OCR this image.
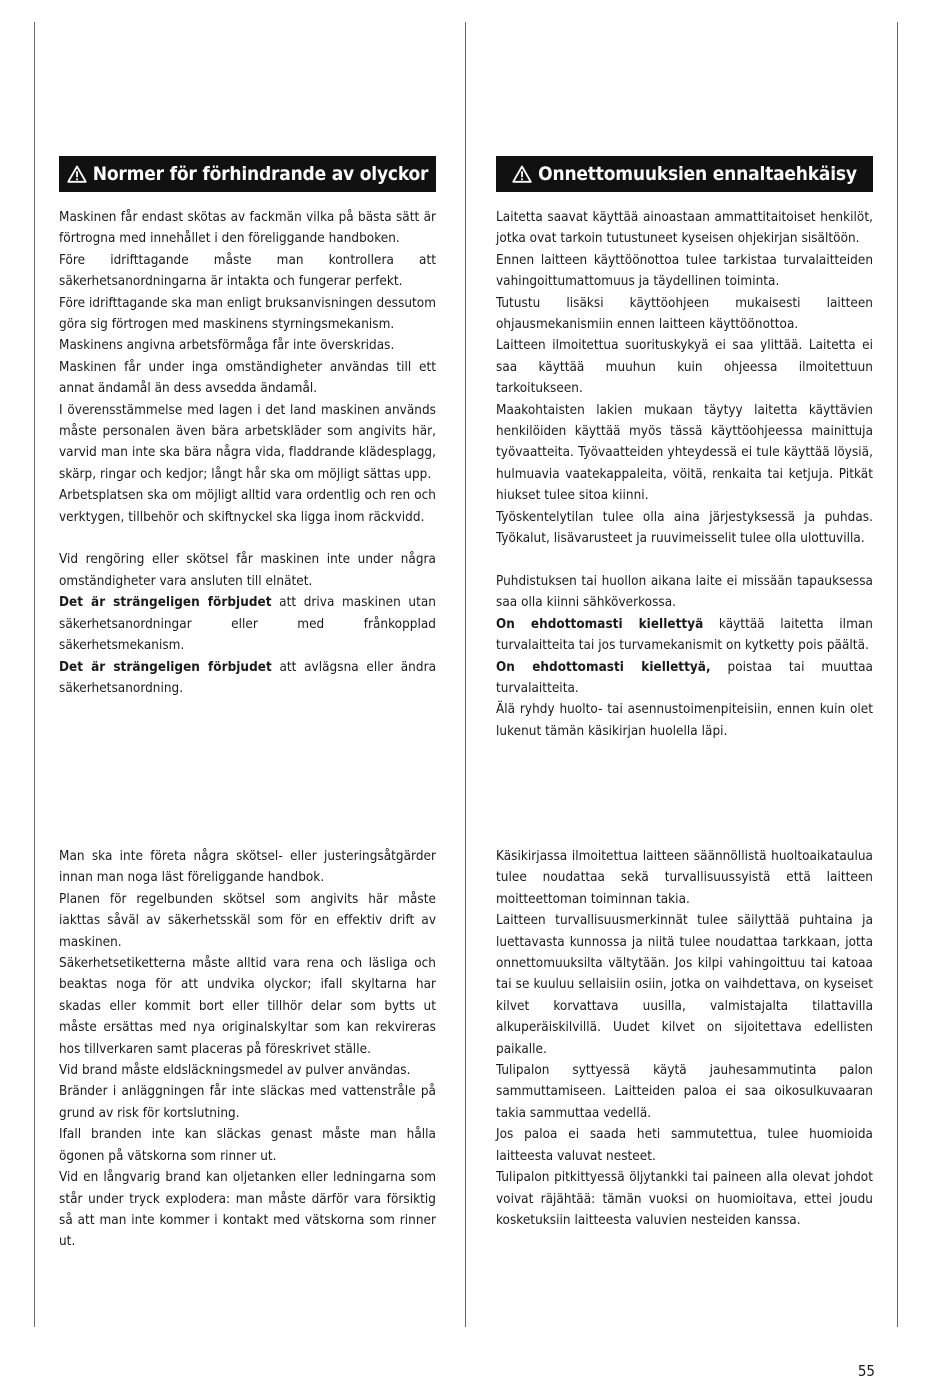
Normer för förhindrande av olyckor	Onnettomuuksien ennaltaehkäisy

Maskinen får endast skötas av fackmän vilka på bästa sätt är förtrogna med innehållet i den föreliggande handboken.

Före idrifttagande måste man kontrollera att säkerhetsanordningarna är intakta och fungerar perfekt.

Före idrifttagande ska man enligt bruksanvisningen dessutom göra sig förtrogen med maskinens styrningsmekanism.

Maskinens angivna arbetsförmåga får inte överskridas.

Maskinen får under inga omständigheter användas till ett annat ändamål än dess avsedda ändamål.

I överensstämmelse med lagen i det land maskinen används måste personalen även bära arbetskläder som angivits här, varvid man inte ska bära några vida, fladdrande klädesplagg, skärp, ringar och kedjor; långt hår ska om möjligt sättas upp.

Arbetsplatsen ska om möjligt alltid vara ordentlig och ren och verktygen, tillbehör och skiftnyckel ska ligga inom räckvidd.

Vid rengöring eller skötsel får maskinen inte under några omständigheter vara ansluten till elnätet.

Det är strängeligen förbjudet att driva maskinen utan säkerhetsanordningar eller med frånkopplad säkerhetsmekanism.

Det är strängeligen förbjudet att avlägsna eller ändra säkerhetsanordning.

Laitetta saavat käyttää ainoastaan ammattitaitoiset henkilöt, jotka ovat tarkoin tutustuneet kyseisen ohjekirjan sisältöön.

Ennen laitteen käyttöönottoa tulee tarkistaa turvalaitteiden vahingoittumattomuus ja täydellinen toiminta.

Tutustu lisäksi käyttöohjeen mukaisesti laitteen ohjausmekanismiin ennen laitteen käyttöönottoa.

Laitteen ilmoitettua suorituskykyä ei saa ylittää. Laitetta ei saa käyttää muuhun kuin ohjeessa ilmoitettuun tarkoitukseen.

Maakohtaisten lakien mukaan täytyy laitetta käyttävien henkilöiden käyttää myös tässä käyttöohjeessa mainittuja työvaatteita. Työvaatteiden yhteydessä ei tule käyttää löysiä, hulmuavia vaatekappaleita, vöitä, renkaita tai ketjuja. Pitkät hiukset tulee sitoa kiinni.

Työskentelytilan tulee olla aina järjestyksessä ja puhdas. Työkalut, lisävarusteet ja ruuvimeisselit tulee olla ulottuvilla.

Puhdistuksen tai huollon aikana laite ei missään tapauksessa saa olla kiinni sähköverkossa.

On ehdottomasti kiellettyä käyttää laitetta ilman turvalaitteita tai jos turvamekanismit on kytketty pois päältä.

On ehdottomasti kiellettyä, poistaa tai muuttaa turvalaitteita.

Älä ryhdy huolto- tai asennustoimenpiteisiin, ennen kuin olet lukenut tämän käsikirjan huolella läpi.

Man ska inte företa några skötsel- eller justeringsåtgärder innan man noga läst föreliggande handbok.

Planen för regelbunden skötsel som angivits här måste iakttas såväl av säkerhetsskäl som för en effektiv drift av maskinen.

Säkerhetsetiketterna måste alltid vara rena och läsliga och beaktas noga för att undvika olyckor; ifall skyltarna har skadas eller kommit bort eller tillhör delar som bytts ut måste ersättas med nya originalskyltar som kan rekvireras hos tillverkaren samt placeras på föreskrivet ställe.

Vid brand måste eldsläckningsmedel av pulver användas.

Bränder i anläggningen får inte släckas med vattenstråle på grund av risk för kortslutning.

Ifall branden inte kan släckas genast måste man hålla ögonen på vätskorna som rinner ut.

Vid en långvarig brand kan oljetanken eller ledningarna som står under tryck explodera: man måste därför vara försiktig så att man inte kommer i kontakt med vätskorna som rinner ut.

Käsikirjassa ilmoitettua laitteen säännöllistä huoltoaikataulua tulee noudattaa sekä turvallisuussyistä että laitteen moitteettoman toiminnan takia.

Laitteen turvallisuusmerkinnät tulee säilyttää puhtaina ja luettavasta kunnossa ja niitä tulee noudattaa tarkkaan, jotta onnettomuuksilta vältytään. Jos kilpi vahingoittuu tai katoaa tai se kuuluu sellaisiin osiin, jotka on vaihdettava, on kyseiset kilvet korvattava uusilla, valmistajalta tilattavilla alkuperäiskilvillä. Uudet kilvet on sijoitettava edellisten paikalle.

Tulipalon syttyessä käytä jauhesammutinta palon sammuttamiseen. Laitteiden paloa ei saa oikosulkuvaaran takia sammuttaa vedellä.

Jos paloa ei saada heti sammutettua, tulee huomioida laitteesta valuvat nesteet.

Tulipalon pitkittyessä öljytankki tai paineen alla olevat johdot voivat räjähtää: tämän vuoksi on huomioitava, ettei joudu kosketuksiin laitteesta valuvien nesteiden kanssa.

55
